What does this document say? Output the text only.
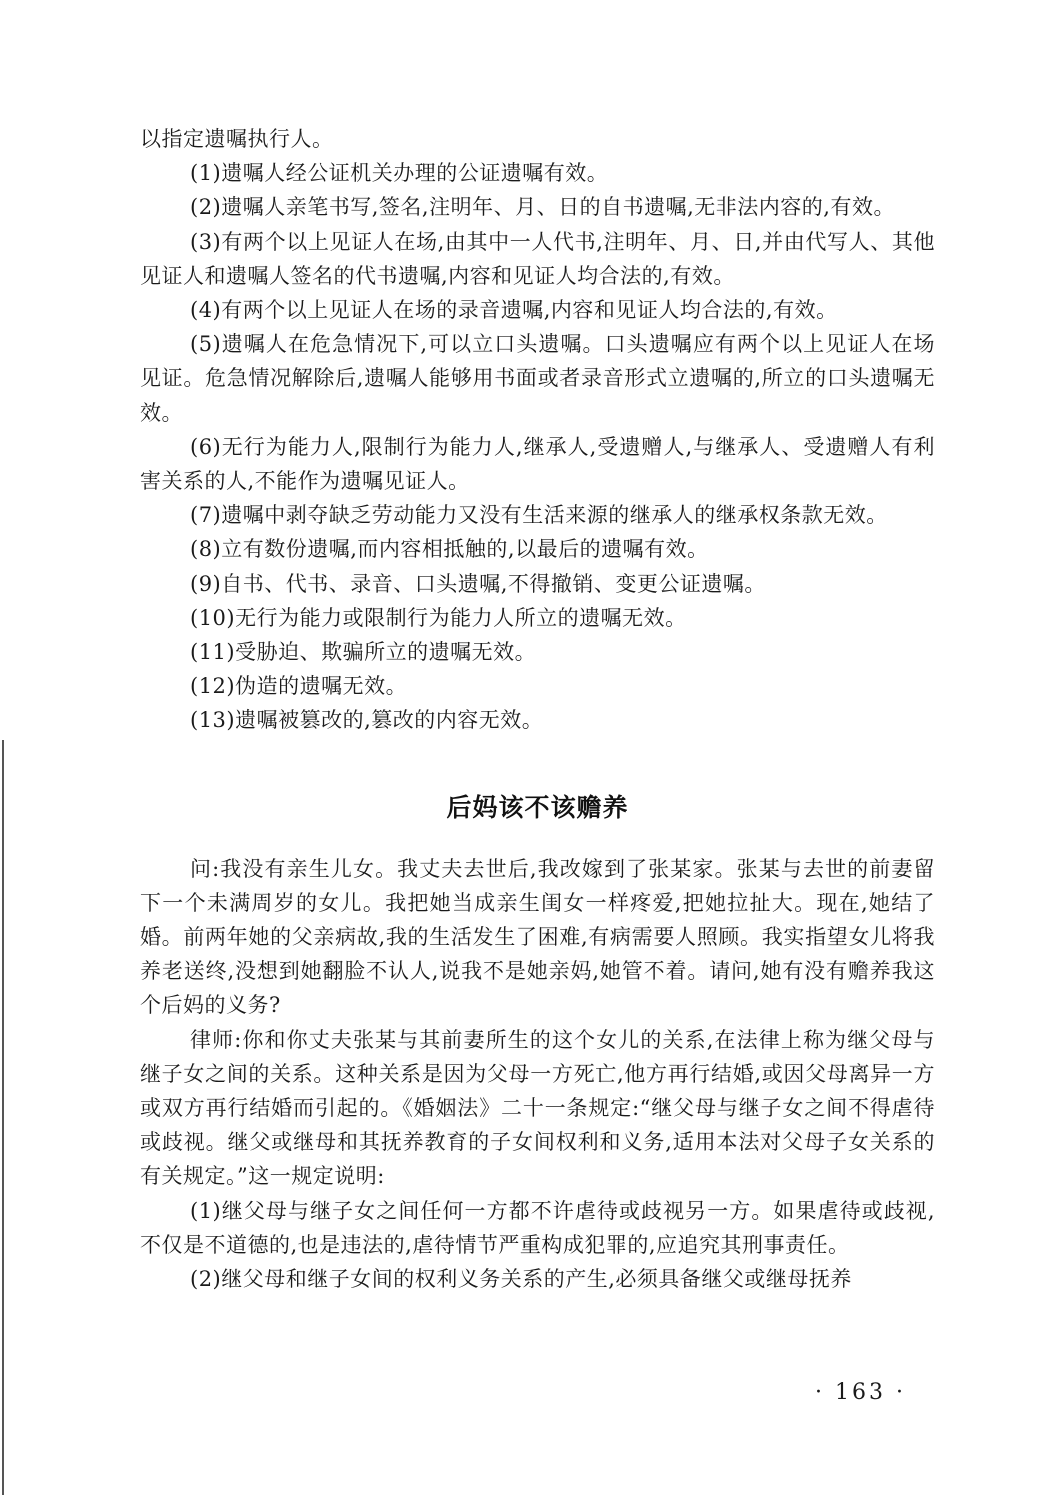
以指定遗嘱执行人。

(1)遗嘱人经公证机关办理的公证遗嘱有效。

(2)遗嘱人亲笔书写,签名,注明年、月、日的自书遗嘱,无非法内容的,有效。

(3)有两个以上见证人在场,由其中一人代书,注明年、月、日,并由代写人、其他见证人和遗嘱人签名的代书遗嘱,内容和见证人均合法的,有效。

(4)有两个以上见证人在场的录音遗嘱,内容和见证人均合法的,有效。

(5)遗嘱人在危急情况下,可以立口头遗嘱。口头遗嘱应有两个以上见证人在场见证。危急情况解除后,遗嘱人能够用书面或者录音形式立遗嘱的,所立的口头遗嘱无效。

(6)无行为能力人,限制行为能力人,继承人,受遗赠人,与继承人、受遗赠人有利害关系的人,不能作为遗嘱见证人。

(7)遗嘱中剥夺缺乏劳动能力又没有生活来源的继承人的继承权条款无效。

(8)立有数份遗嘱,而内容相抵触的,以最后的遗嘱有效。

(9)自书、代书、录音、口头遗嘱,不得撤销、变更公证遗嘱。

(10)无行为能力或限制行为能力人所立的遗嘱无效。

(11)受胁迫、欺骗所立的遗嘱无效。

(12)伪造的遗嘱无效。

(13)遗嘱被篡改的,篡改的内容无效。

后妈该不该赡养

问:我没有亲生儿女。我丈夫去世后,我改嫁到了张某家。张某与去世的前妻留下一个未满周岁的女儿。我把她当成亲生闺女一样疼爱,把她拉扯大。现在,她结了婚。前两年她的父亲病故,我的生活发生了困难,有病需要人照顾。我实指望女儿将我养老送终,没想到她翻脸不认人,说我不是她亲妈,她管不着。请问,她有没有赡养我这个后妈的义务?

律师:你和你丈夫张某与其前妻所生的这个女儿的关系,在法律上称为继父母与继子女之间的关系。这种关系是因为父母一方死亡,他方再行结婚,或因父母离异一方或双方再行结婚而引起的。《婚姻法》二十一条规定:“继父母与继子女之间不得虐待或歧视。继父或继母和其抚养教育的子女间权利和义务,适用本法对父母子女关系的有关规定。”这一规定说明:

(1)继父母与继子女之间任何一方都不许虐待或歧视另一方。如果虐待或歧视,不仅是不道德的,也是违法的,虐待情节严重构成犯罪的,应追究其刑事责任。

(2)继父母和继子女间的权利义务关系的产生,必须具备继父或继母抚养

· 163 ·
